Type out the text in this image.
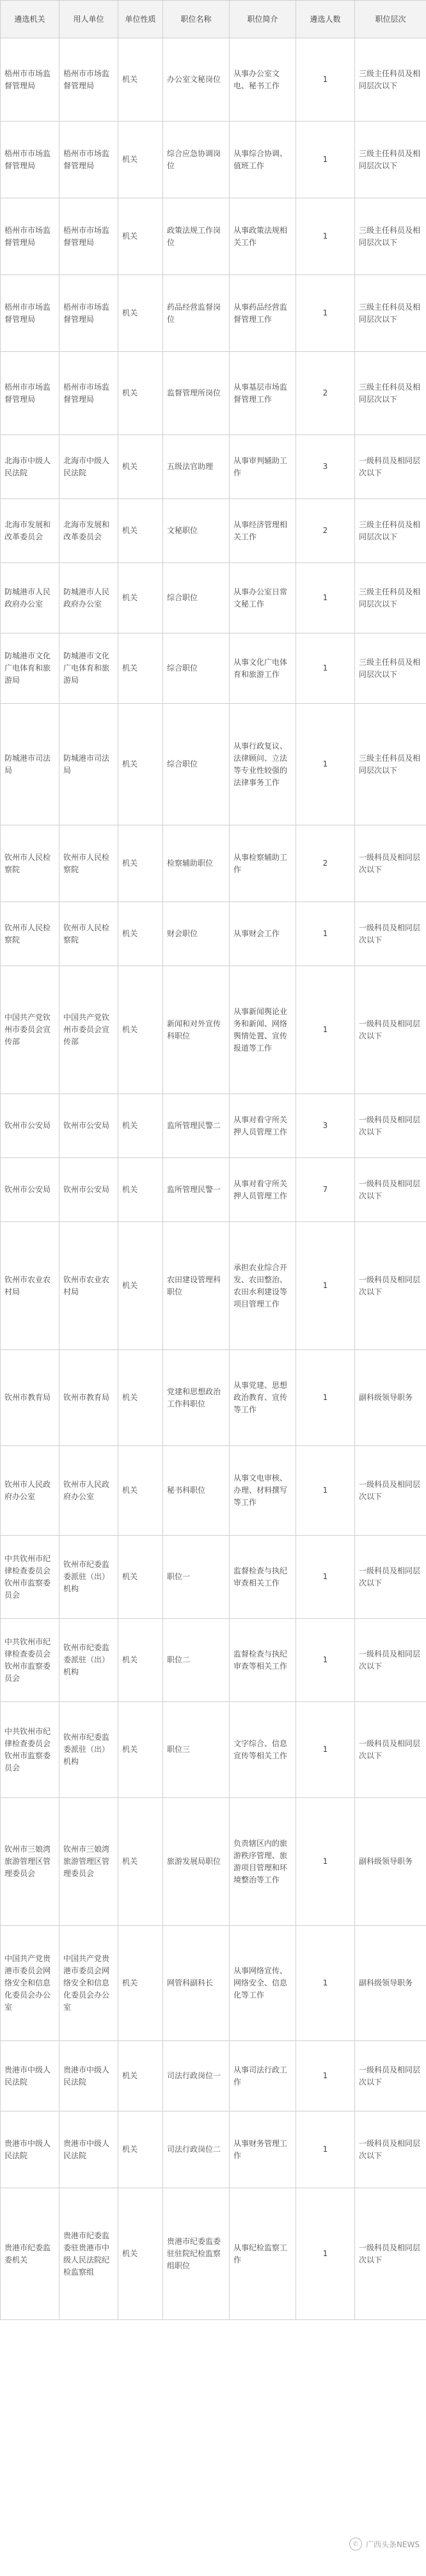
遴选机关	用人单位	单位性质	职位名称	职位简介	遴选人数	职位层次
梧州市市场监督管理局	梧州市市场监督管理局	机关	办公室文秘岗位	从事办公室文电、秘书工作	1	三级主任科员及相同层次以下
梧州市市场监督管理局	梧州市市场监督管理局	机关	综合应急协调岗位	从事综合协调、值班工作	1	三级主任科员及相同层次以下
梧州市市场监督管理局	梧州市市场监督管理局	机关	政策法规工作岗位	从事政策法规相关工作	1	三级主任科员及相同层次以下
梧州市市场监督管理局	梧州市市场监督管理局	机关	药品经营监督岗位	从事药品经营监督管理工作	1	三级主任科员及相同层次以下
梧州市市场监督管理局	梧州市市场监督管理局	机关	监督管理所岗位	从事基层市场监督管理工作	2	三级主任科员及相同层次以下
北海市中级人民法院	北海市中级人民法院	机关	五级法官助理	从事审判辅助工作	3	一级科员及相同层次以下
北海市发展和改革委员会	北海市发展和改革委员会	机关	文秘职位	从事经济管理相关工作	2	三级主任科员及相同层次以下
防城港市人民政府办公室	防城港市人民政府办公室	机关	综合职位	从事办公室日常文秘工作	1	三级主任科员及相同层次以下
防城港市文化广电体育和旅游局	防城港市文化广电体育和旅游局	机关	综合职位	从事文化广电体育和旅游工作	1	三级主任科员及相同层次以下
防城港市司法局	防城港市司法局	机关	综合职位	从事行政复议、法律顾问、立法等专业性较强的法律事务工作	1	三级主任科员及相同层次以下
钦州市人民检察院	钦州市人民检察院	机关	检察辅助职位	从事检察辅助工作	2	一级科员及相同层次以下
钦州市人民检察院	钦州市人民检察院	机关	财会职位	从事财会工作	1	一级科员及相同层次以下
中国共产党钦州市委员会宣传部	中国共产党钦州市委员会宣传部	机关	新闻和对外宣传科职位	从事新闻舆论业务和新闻、网络舆情处置、宣传报道等工作	1	一级科员及相同层次以下
钦州市公安局	钦州市公安局	机关	监所管理民警二	从事对看守所关押人员管理工作	3	一级科员及相同层次以下
钦州市公安局	钦州市公安局	机关	监所管理民警一	从事对看守所关押人员管理工作	7	一级科员及相同层次以下
钦州市农业农村局	钦州市农业农村局	机关	农田建设管理科职位	承担农业综合开发、农田整治、农田水利建设等项目管理工作	1	一级科员及相同层次以下
钦州市教育局	钦州市教育局	机关	党建和思想政治工作科职位	从事党建、思想政治教育、宣传等工作	1	副科级领导职务
钦州市人民政府办公室	钦州市人民政府办公室	机关	秘书科职位	从事文电审核、办理、材料撰写等工作	1	一级科员及相同层次以下
中共钦州市纪律检查委员会钦州市监察委员会	钦州市纪委监委派驻（出）机构	机关	职位一	监督检查与执纪审查相关工作	1	一级科员及相同层次以下
中共钦州市纪律检查委员会钦州市监察委员会	钦州市纪委监委派驻（出）机构	机关	职位二	监督检查与执纪审查等相关工作	1	一级科员及相同层次以下
中共钦州市纪律检查委员会钦州市监察委员会	钦州市纪委监委派驻（出）机构	机关	职位三	文字综合、信息宣传等相关工作	1	一级科员及相同层次以下
钦州市三娘湾旅游管理区管理委员会	钦州市三娘湾旅游管理区管理委员会	机关	旅游发展局职位	负责辖区内的旅游秩序管理、旅游项目管理和环境整治等工作	1	副科级领导职务
中国共产党贵港市委员会网络安全和信息化委员会办公室	中国共产党贵港市委员会网络安全和信息化委员会办公室	机关	网管科副科长	从事网络宣传、网络安全、信息化等工作	1	副科级领导职务
贵港市中级人民法院	贵港市中级人民法院	机关	司法行政岗位一	从事司法行政工作	1	一级科员及相同层次以下
贵港市中级人民法院	贵港市中级人民法院	机关	司法行政岗位二	从事财务管理工作	1	一级科员及相同层次以下
贵港市纪委监委机关	贵港市纪委监委驻贵港市中级人民法院纪检监察组	机关	贵港市纪委监委驻驻院纪检监察组职位	从事纪检监察工作	1	一级科员及相同层次以下
✆ 广西头条NEWS
